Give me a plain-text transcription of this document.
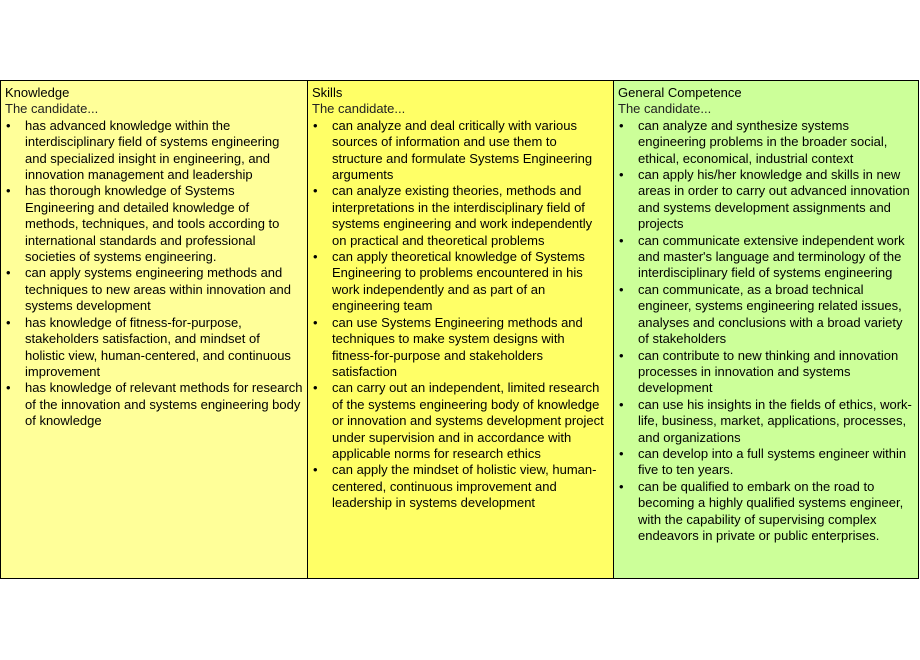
Knowledge
The candidate...
• has advanced knowledge within the interdisciplinary field of systems engineering and specialized insight in engineering, and innovation management and leadership
• has thorough knowledge of Systems Engineering and detailed knowledge of methods, techniques, and tools according to international standards and professional societies of systems engineering.
• can apply systems engineering methods and techniques to new areas within innovation and systems development
• has knowledge of fitness-for-purpose, stakeholders satisfaction, and mindset of holistic view, human-centered, and continuous improvement
• has knowledge of relevant methods for research of the innovation and systems engineering body of knowledge
Skills
The candidate...
• can analyze and deal critically with various sources of information and use them to structure and formulate Systems Engineering arguments
• can analyze existing theories, methods and interpretations in the interdisciplinary field of systems engineering and work independently on practical and theoretical problems
• can apply theoretical knowledge of Systems Engineering to problems encountered in his work independently and as part of an engineering team
• can use Systems Engineering methods and techniques to make system designs with fitness-for-purpose and stakeholders satisfaction
• can carry out an independent, limited research of the systems engineering body of knowledge or innovation and systems development project under supervision and in accordance with applicable norms for research ethics
• can apply the mindset of holistic view, human-centered, continuous improvement and leadership in systems development
General Competence
The candidate...
• can analyze and synthesize systems engineering problems in the broader social, ethical, economical, industrial context
• can apply his/her knowledge and skills in new areas in order to carry out advanced innovation and systems development assignments and projects
• can communicate extensive independent work and master's language and terminology of the interdisciplinary field of systems engineering
• can communicate, as a broad technical engineer, systems engineering related issues, analyses and conclusions with a broad variety of stakeholders
• can contribute to new thinking and innovation processes in innovation and systems development
• can use his insights in the fields of ethics, work-life, business, market, applications, processes, and organizations
• can develop into a full systems engineer within five to ten years.
• can be qualified to embark on the road to becoming a highly qualified systems engineer, with the capability of supervising complex endeavors in private or public enterprises.
